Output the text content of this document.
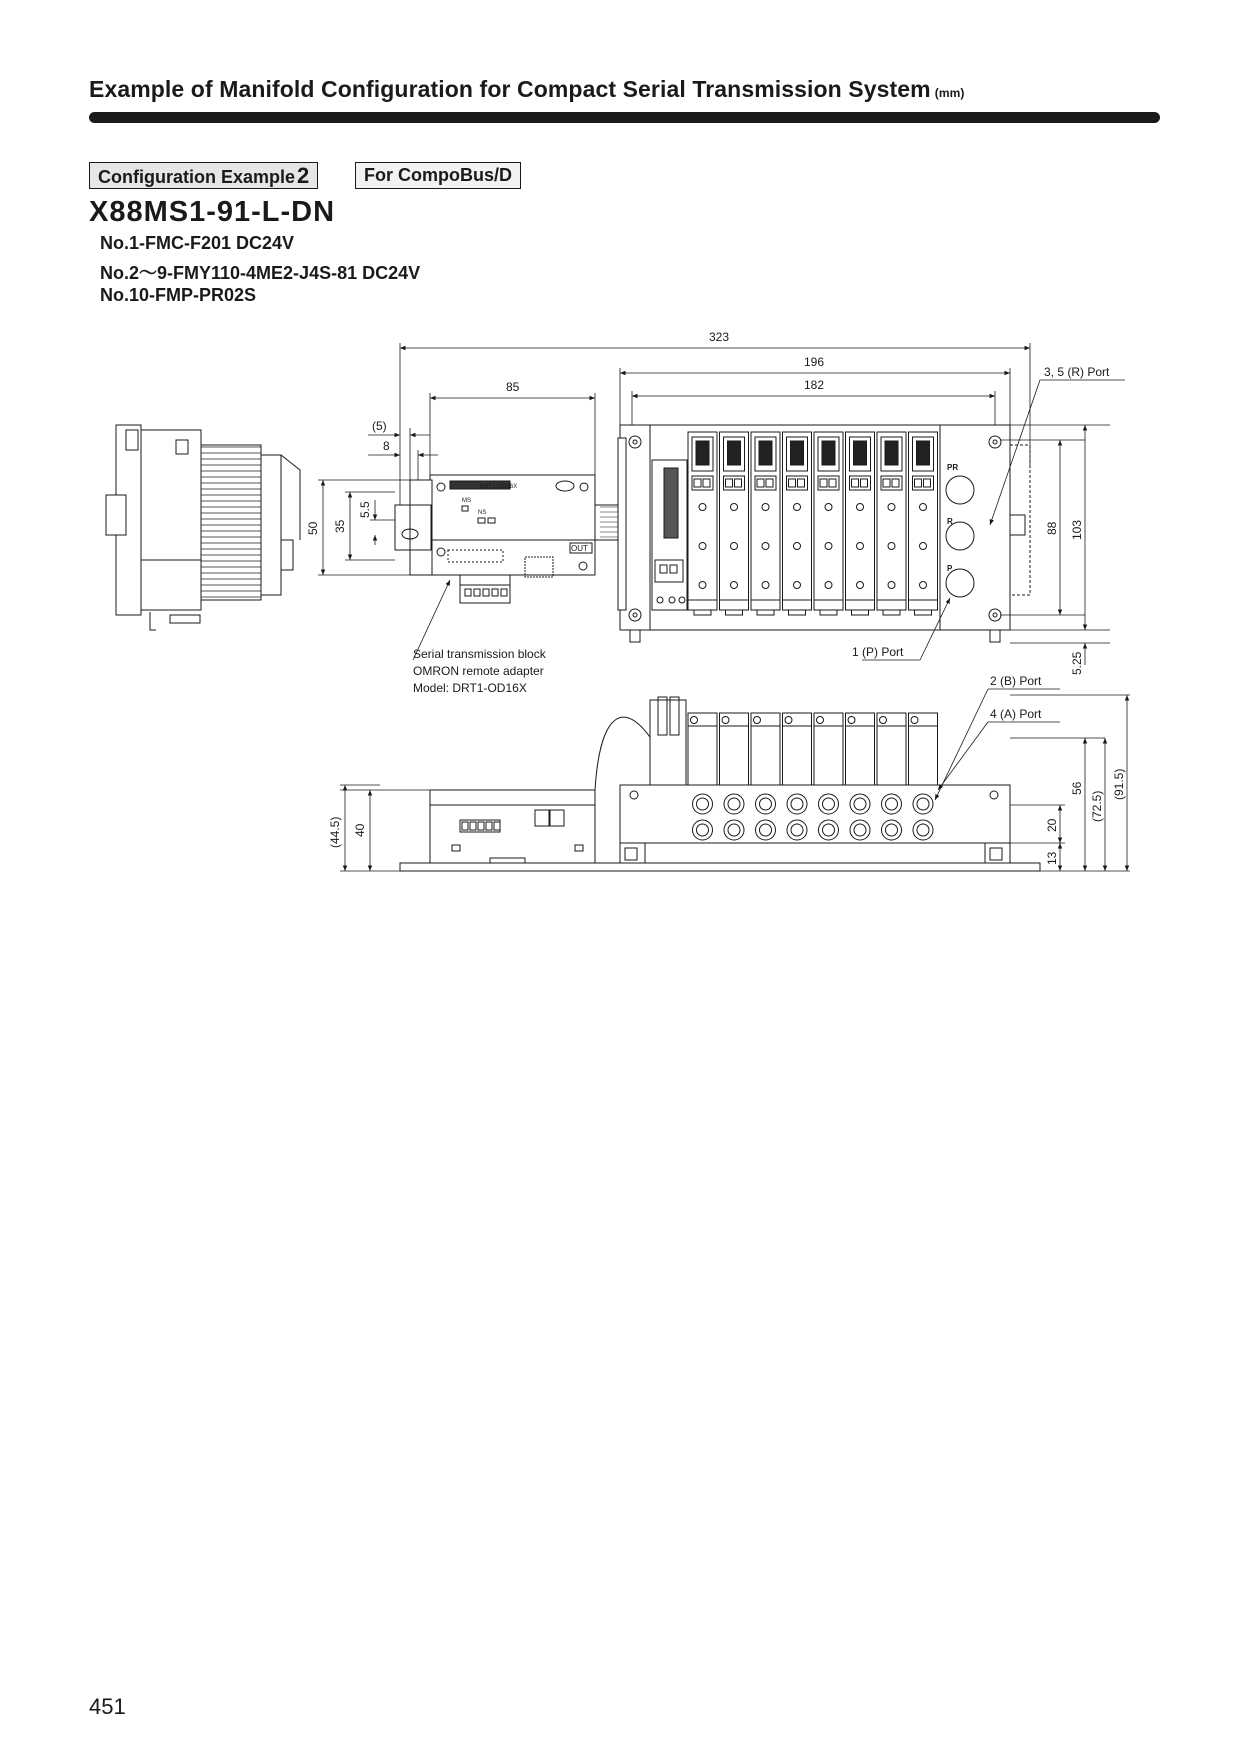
Example of Manifold Configuration for Compact Serial Transmission System (mm)
Configuration Example2	For CompoBus/D
X88MS1-91-L-DN
No.1-FMC-F201 DC24V
No.2～9-FMY110-4ME2-J4S-81 DC24V
No.10-FMP-PR02S
OUT
MS
NS
DRT1-OD16X
PR
R
P
323
196
182
85
(5)
8
50 35
5.5
88 103
5.25
56
(72.5)
(91.5)
20
13
(44.5) 40
3, 5 (R) Port
1 (P) Port
2 (B) Port
4 (A) Port
Serial transmission block
OMRON remote adapter
Model: DRT1-OD16X
451
